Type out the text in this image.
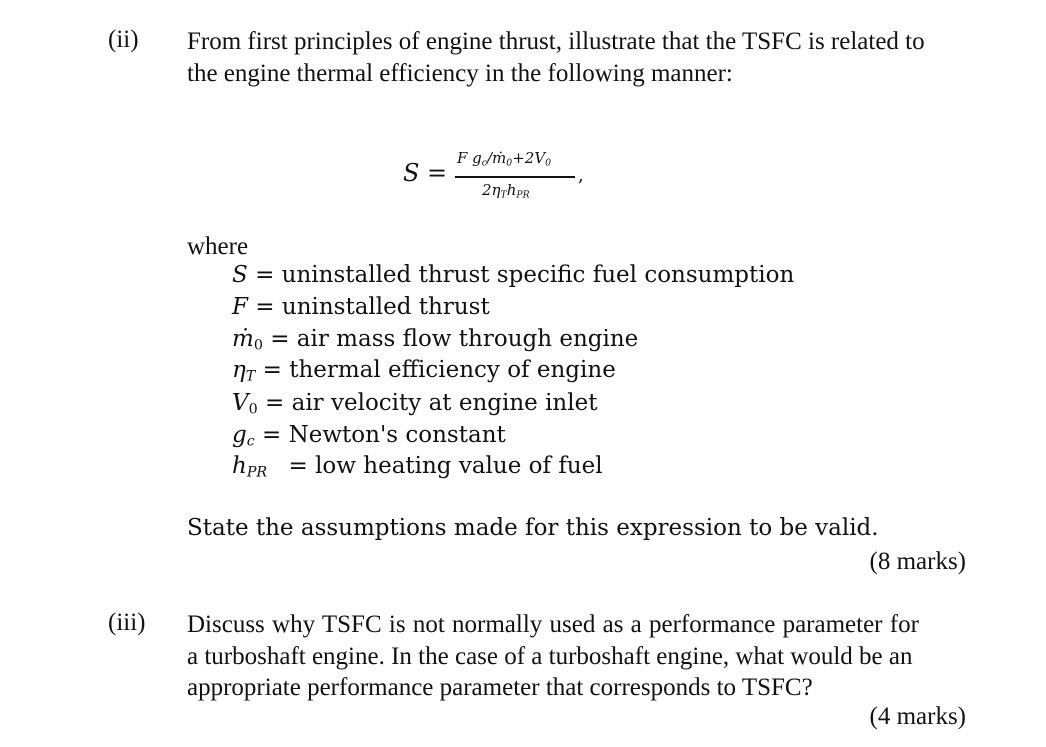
(ii) From first principles of engine thrust, illustrate that the TSFC is related to
the engine thermal efficiency in the following manner:
S =
F $g_c/ṁ_0+2V_0$
$2\eta_Th_{PR}$
,
where
S = uninstalled thrust specific fuel consumption
F = uninstalled thrust
ṁ$_0$ = air mass flow through engine
$\eta_T$ = thermal efficiency of engine
$V_0$ = air velocity at engine inlet
$g_c$ = Newton's constant
$h_{PR}$ = low heating value of fuel
State the assumptions made for this expression to be valid.
(8 marks)
(iii) Discuss why TSFC is not normally used as a performance parameter for
a turboshaft engine. In the case of a turboshaft engine, what would be an
appropriate performance parameter that corresponds to TSFC?
(4 marks)
